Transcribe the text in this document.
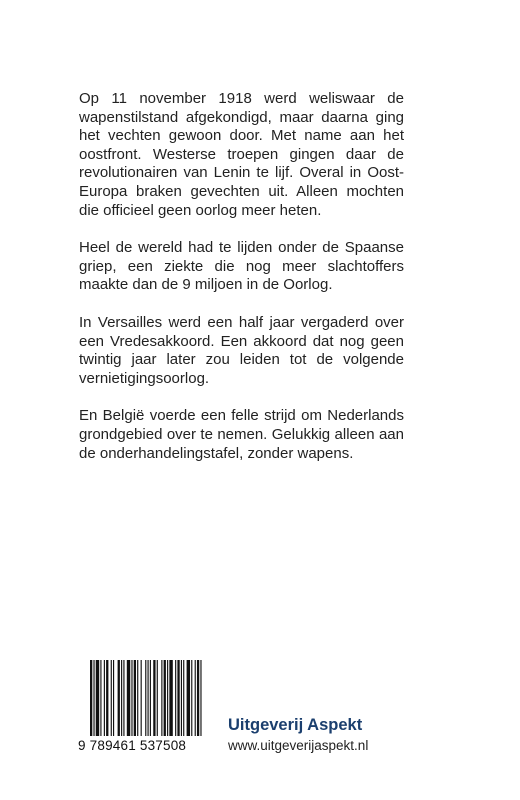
Op 11 november 1918 werd weliswaar de wapenstilstand afgekondigd, maar daarna ging het vechten gewoon door. Met name aan het oostfront. Westerse troepen gingen daar de revolutionairen van Lenin te lijf. Overal in Oost-Europa braken gevechten uit. Alleen mochten die officieel geen oorlog meer heten.

Heel de wereld had te lijden onder de Spaanse griep, een ziekte die nog meer slachtoffers maakte dan de 9 miljoen in de Oorlog.

In Versailles werd een half jaar vergaderd over een Vredesakkoord. Een akkoord dat nog geen twintig jaar later zou leiden tot de volgende vernietigingsoorlog.

En België voerde een felle strijd om Nederlands grondgebied over te nemen. Gelukkig alleen aan de onderhandelingstafel, zonder wapens.

9 789461 537508
Uitgeverij Aspekt
www.uitgeverijaspekt.nl
